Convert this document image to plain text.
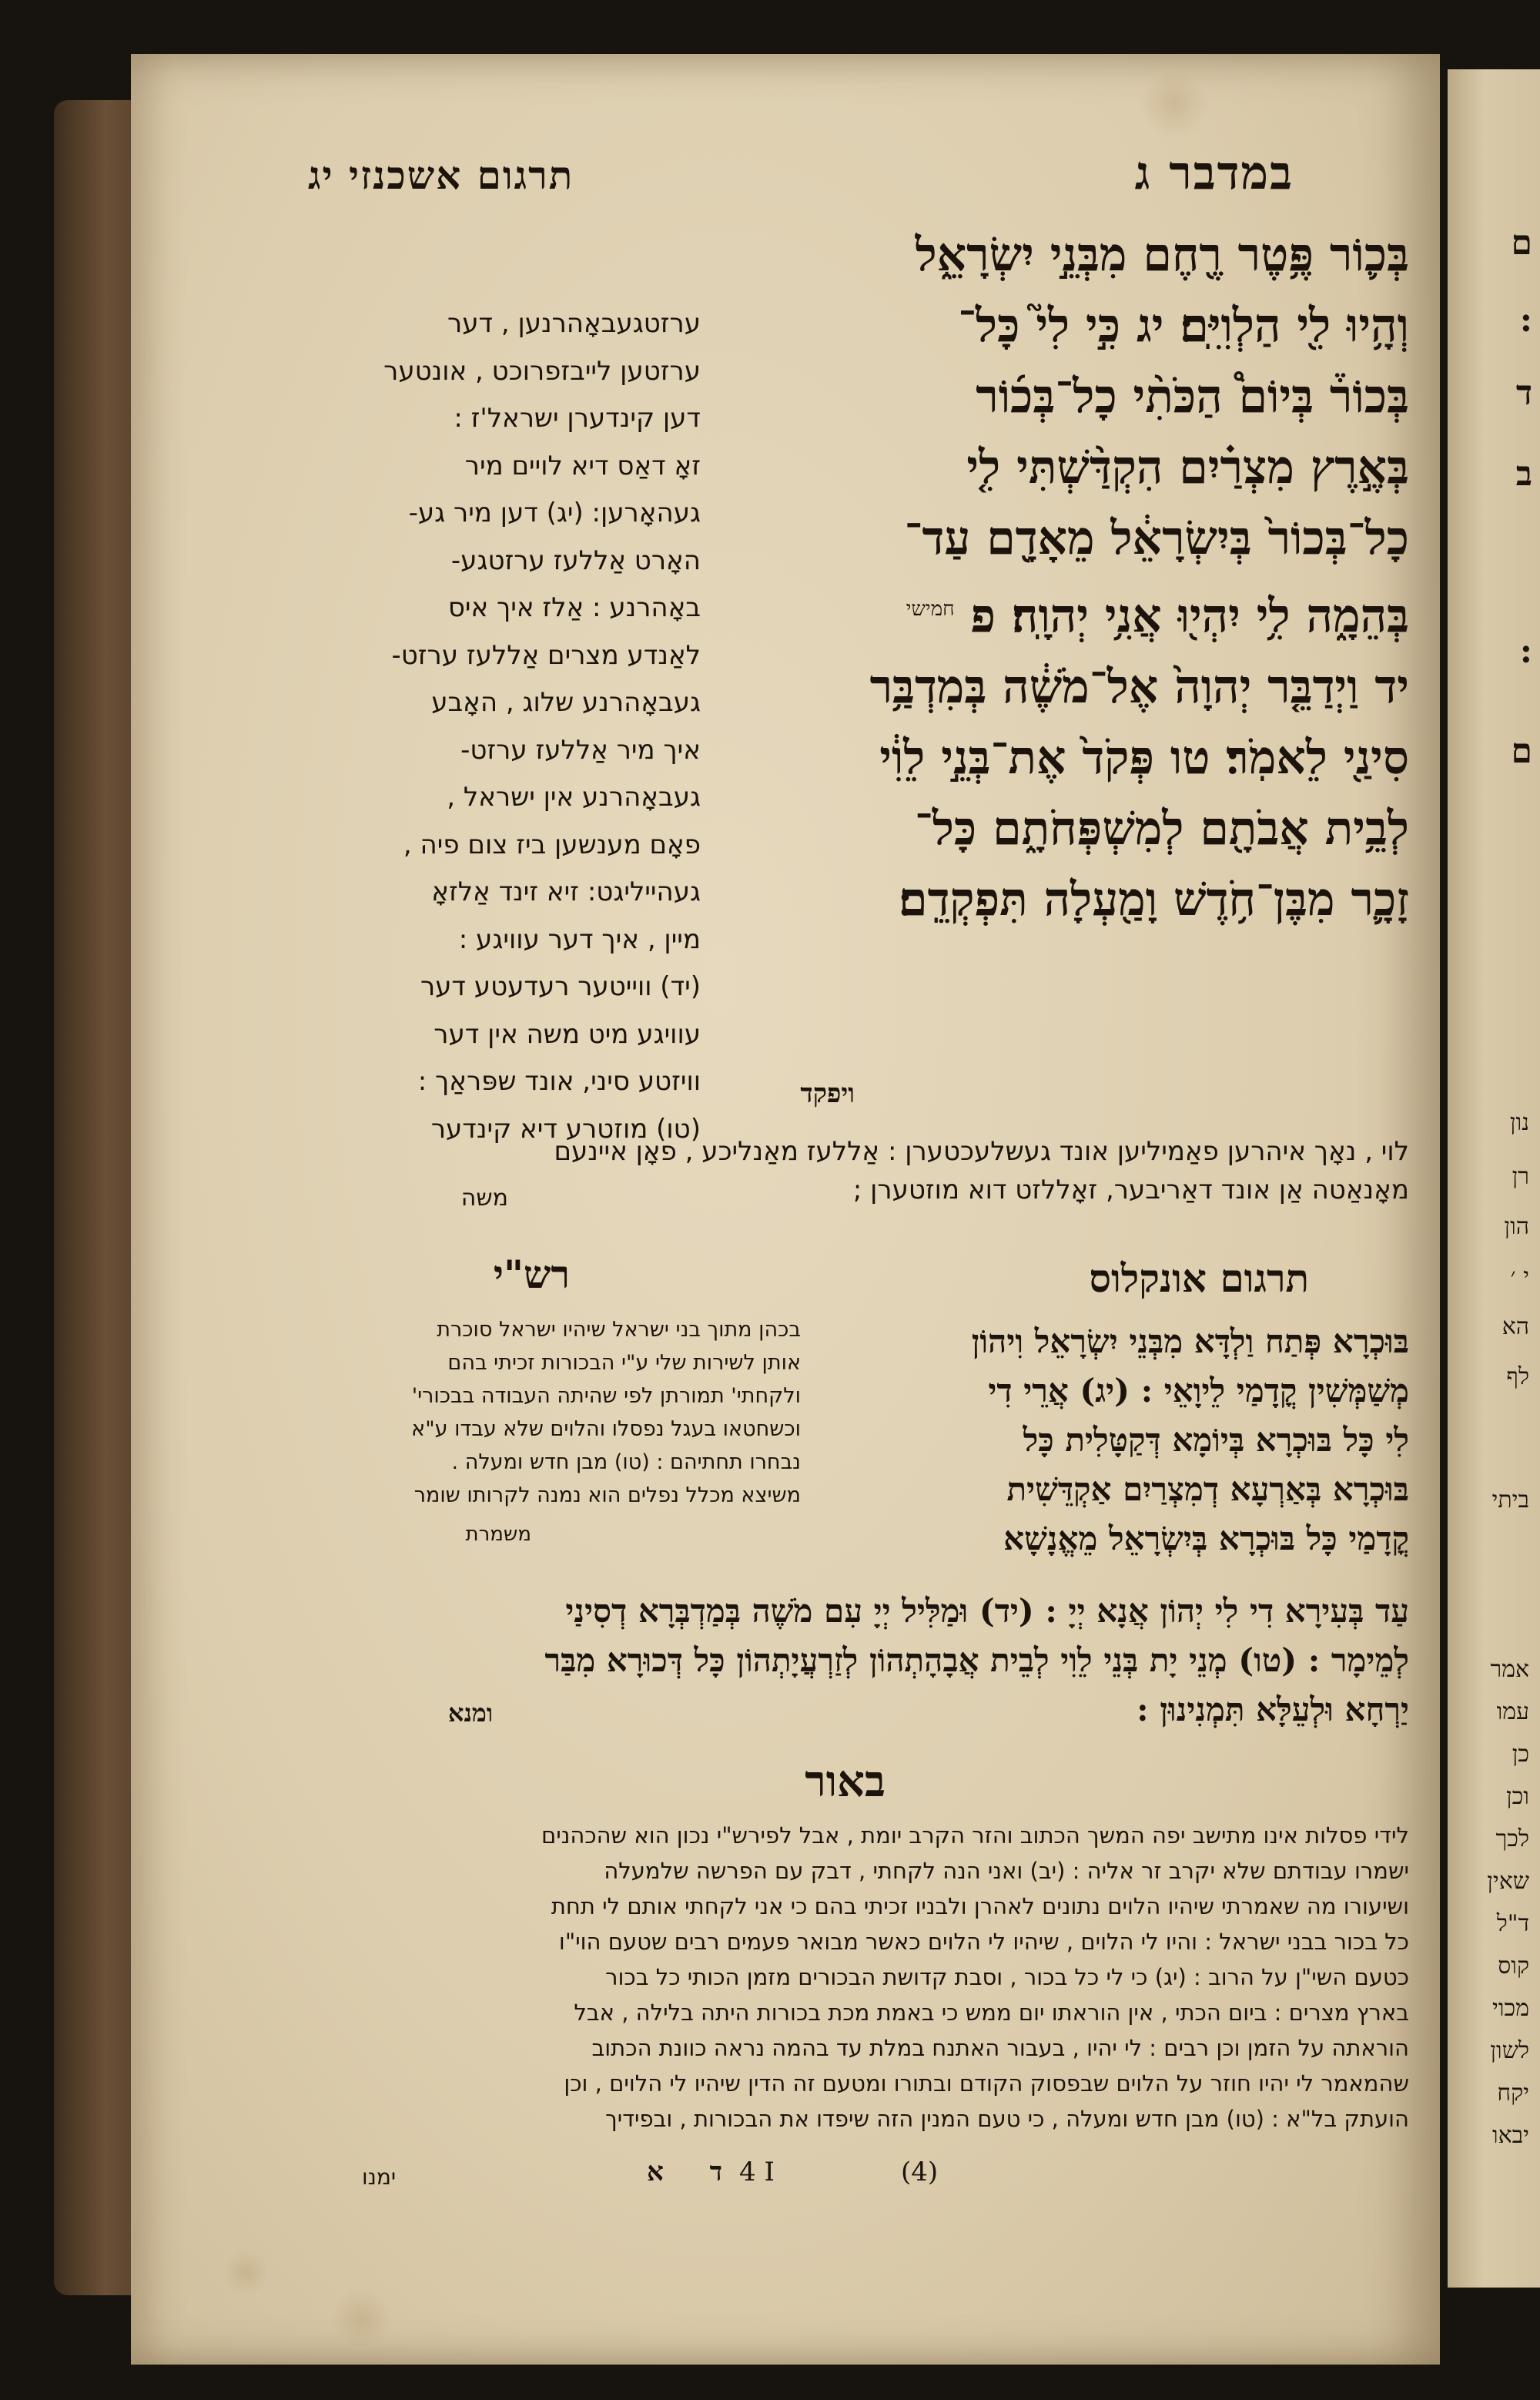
במדבר ג
תרגום אשכנזי יג
בְּכ֛וֹר פֶּ֥טֶר רֶ֖חֶם מִבְּנֵ֣י יִשְׂרָאֵ֑ל
וְהָ֥יוּ לִ֖י הַלְוִיִּֽם׃ יג כִּ֣י לִי֮ כָּל־
בְּכוֹר֒ בְּיוֹם֩ הַכֹּתִ֨י כָל־בְּכ֜וֹר
בְּאֶ֣רֶץ מִצְרַ֗יִם הִקְדַּ֨שְׁתִּי לִ֤י
כָל־בְּכוֹר֙ בְּיִשְׂרָאֵ֔ל מֵאָדָ֖ם עַד־
בְּהֵמָ֑ה לִ֥י יִהְי֖וּ אֲנִ֥י יְהוָֽה׃ פ $^{חמישי}$
יד וַיְדַבֵּ֤ר יְהוָה֙ אֶל־מֹשֶׁ֔ה בְּמִדְבַּ֥ר
סִינַ֖י לֵאמֹֽר׃ טו פְּקֹד֙ אֶת־בְּנֵ֣י לֵוִ֔י
לְבֵ֥ית אֲבֹתָ֖ם לְמִשְׁפְּחֹתָ֑ם כָּל־
זָכָ֛ר מִבֶּן־חֹ֥דֶשׁ וָמַ֖עְלָה תִּפְקְדֵֽם׃
ויפקד
ערזטגעבאָהרנען , דער
ערזטען לייבזפרוכט , אונטער
דען קינדערן ישראל'ז :
זאָ דאַס דיא לויים מיר
געהאָרען: (יג) דען מיר גע-
האָרט אַללעז ערזטגע-
באָהרנע : אַלז איך איס
לאַנדע מצרים אַללעז ערזט-
געבאָהרנע שלוג , האָבע
איך מיר אַללעז ערזט-
געבאָהרנע אין ישראל ,
פאָם מענשען ביז צום פיה ,
געהייליגט: זיא זינד אַלזאָ
מיין , איך דער עוויגע :
(יד) ווייטער רעדעטע דער
עוויגע מיט משה אין דער
וויזטע סיני, אונד שפּראַך :
(טו) מוזטרע דיא קינדער
לוי , נאָך איהרען פאַמיליען אונד געשלעכטערן : אַללעז מאַנליכע , פאָן איינעם
מאָנאַטה אַן אונד דאַריבער, זאָללזט דוא מוזטערן ;
משה
תרגום אונקלוס
רש"י
בּוּכְרָא פְּתַח וַלְדָּא מִבְּנֵי יִשְׂרָאֵל וִיהוֹן
מְשַׁמְּשִׁין קֳדָמַי לֵיוָאֵי : (יג) אֲרֵי דִי
לִי כָּל בּוּכְרָא בְּיוֹמָא דְּקַטָּלִית כָּל
בּוּכְרָא בְּאַרְעָא דְמִצְרַיִם אַקְדֵּשִׁית
קֳדָמַי כָּל בּוּכְרָא בְּיִשְׂרָאֵל מֵאֱנָשָׁא
בכהן מתוך בני ישראל שיהיו ישראל סוכרת
אותן לשירות שלי ע"י הבכורות זכיתי בהם
ולקחתי' תמורתן לפי שהיתה העבודה בבכורי'
וכשחטאו בעגל נפסלו והלוים שלא עבדו ע"א
נבחרו תחתיהם : (טו) מבן חדש ומעלה .
משיצא מכלל נפלים הוא נמנה לקרותו שומר
משמרת
עַד בְּעִירָא דִי לִי יְהוֹן אֲנָא יְיָ : (יד) וּמַלִּיל יְיָ עִם מֹשֶׁה בְּמַדְבְּרָא דְסִינַי
לְמֵימָר : (טו) מְנֵי יָת בְּנֵי לֵוִי לְבֵית אֲבָהָתְהוֹן לְזַרְעֲיָתְהוֹן כָּל דְּכוּרָא מִבַּר
יַרְחָא וּלְעֵלָּא תִּמְנִינוּן :
ומנא
באור
לידי פסלות אינו מתישב יפה המשך הכתוב והזר הקרב יומת , אבל לפירש"י נכון הוא שהכהנים
ישמרו עבודתם שלא יקרב זר אליה : (יב) ואני הנה לקחתי , דבק עם הפרשה שלמעלה
ושיעורו מה שאמרתי שיהיו הלוים נתונים לאהרן ולבניו זכיתי בהם כי אני לקחתי אותם לי תחת
כל בכור בבני ישראל : והיו לי הלוים , שיהיו לי הלוים כאשר מבואר פעמים רבים שטעם הוי"ו
כטעם השי"ן על הרוב : (יג) כי לי כל בכור , וסבת קדושת הבכורים מזמן הכותי כל בכור
בארץ מצרים : ביום הכתי , אין הוראתו יום ממש כי באמת מכת בכורות היתה בלילה , אבל
הוראתה על הזמן וכן רבים : לי יהיו , בעבור האתנח במלת עד בהמה נראה כוונת הכתוב
שהמאמר לי יהיו חוזר על הלוים שבפסוק הקודם ובתורו ומטעם זה הדין שיהיו לי הלוים , וכן
הועתק בל"א : (טו) מבן חדש ומעלה , כי טעם המנין הזה שיפדו את הבכורות , ובפידיך
ד א
4 I	(4)
ימנו
ם
:
ד
ב
:
ם
נון
רן
הון
י ׳
הא
לף
ביתי
אמר
עמו
כן
וכן
לכך
שאין
ד"ל
קוס
מכוי
לשון
יקח
יבאו
